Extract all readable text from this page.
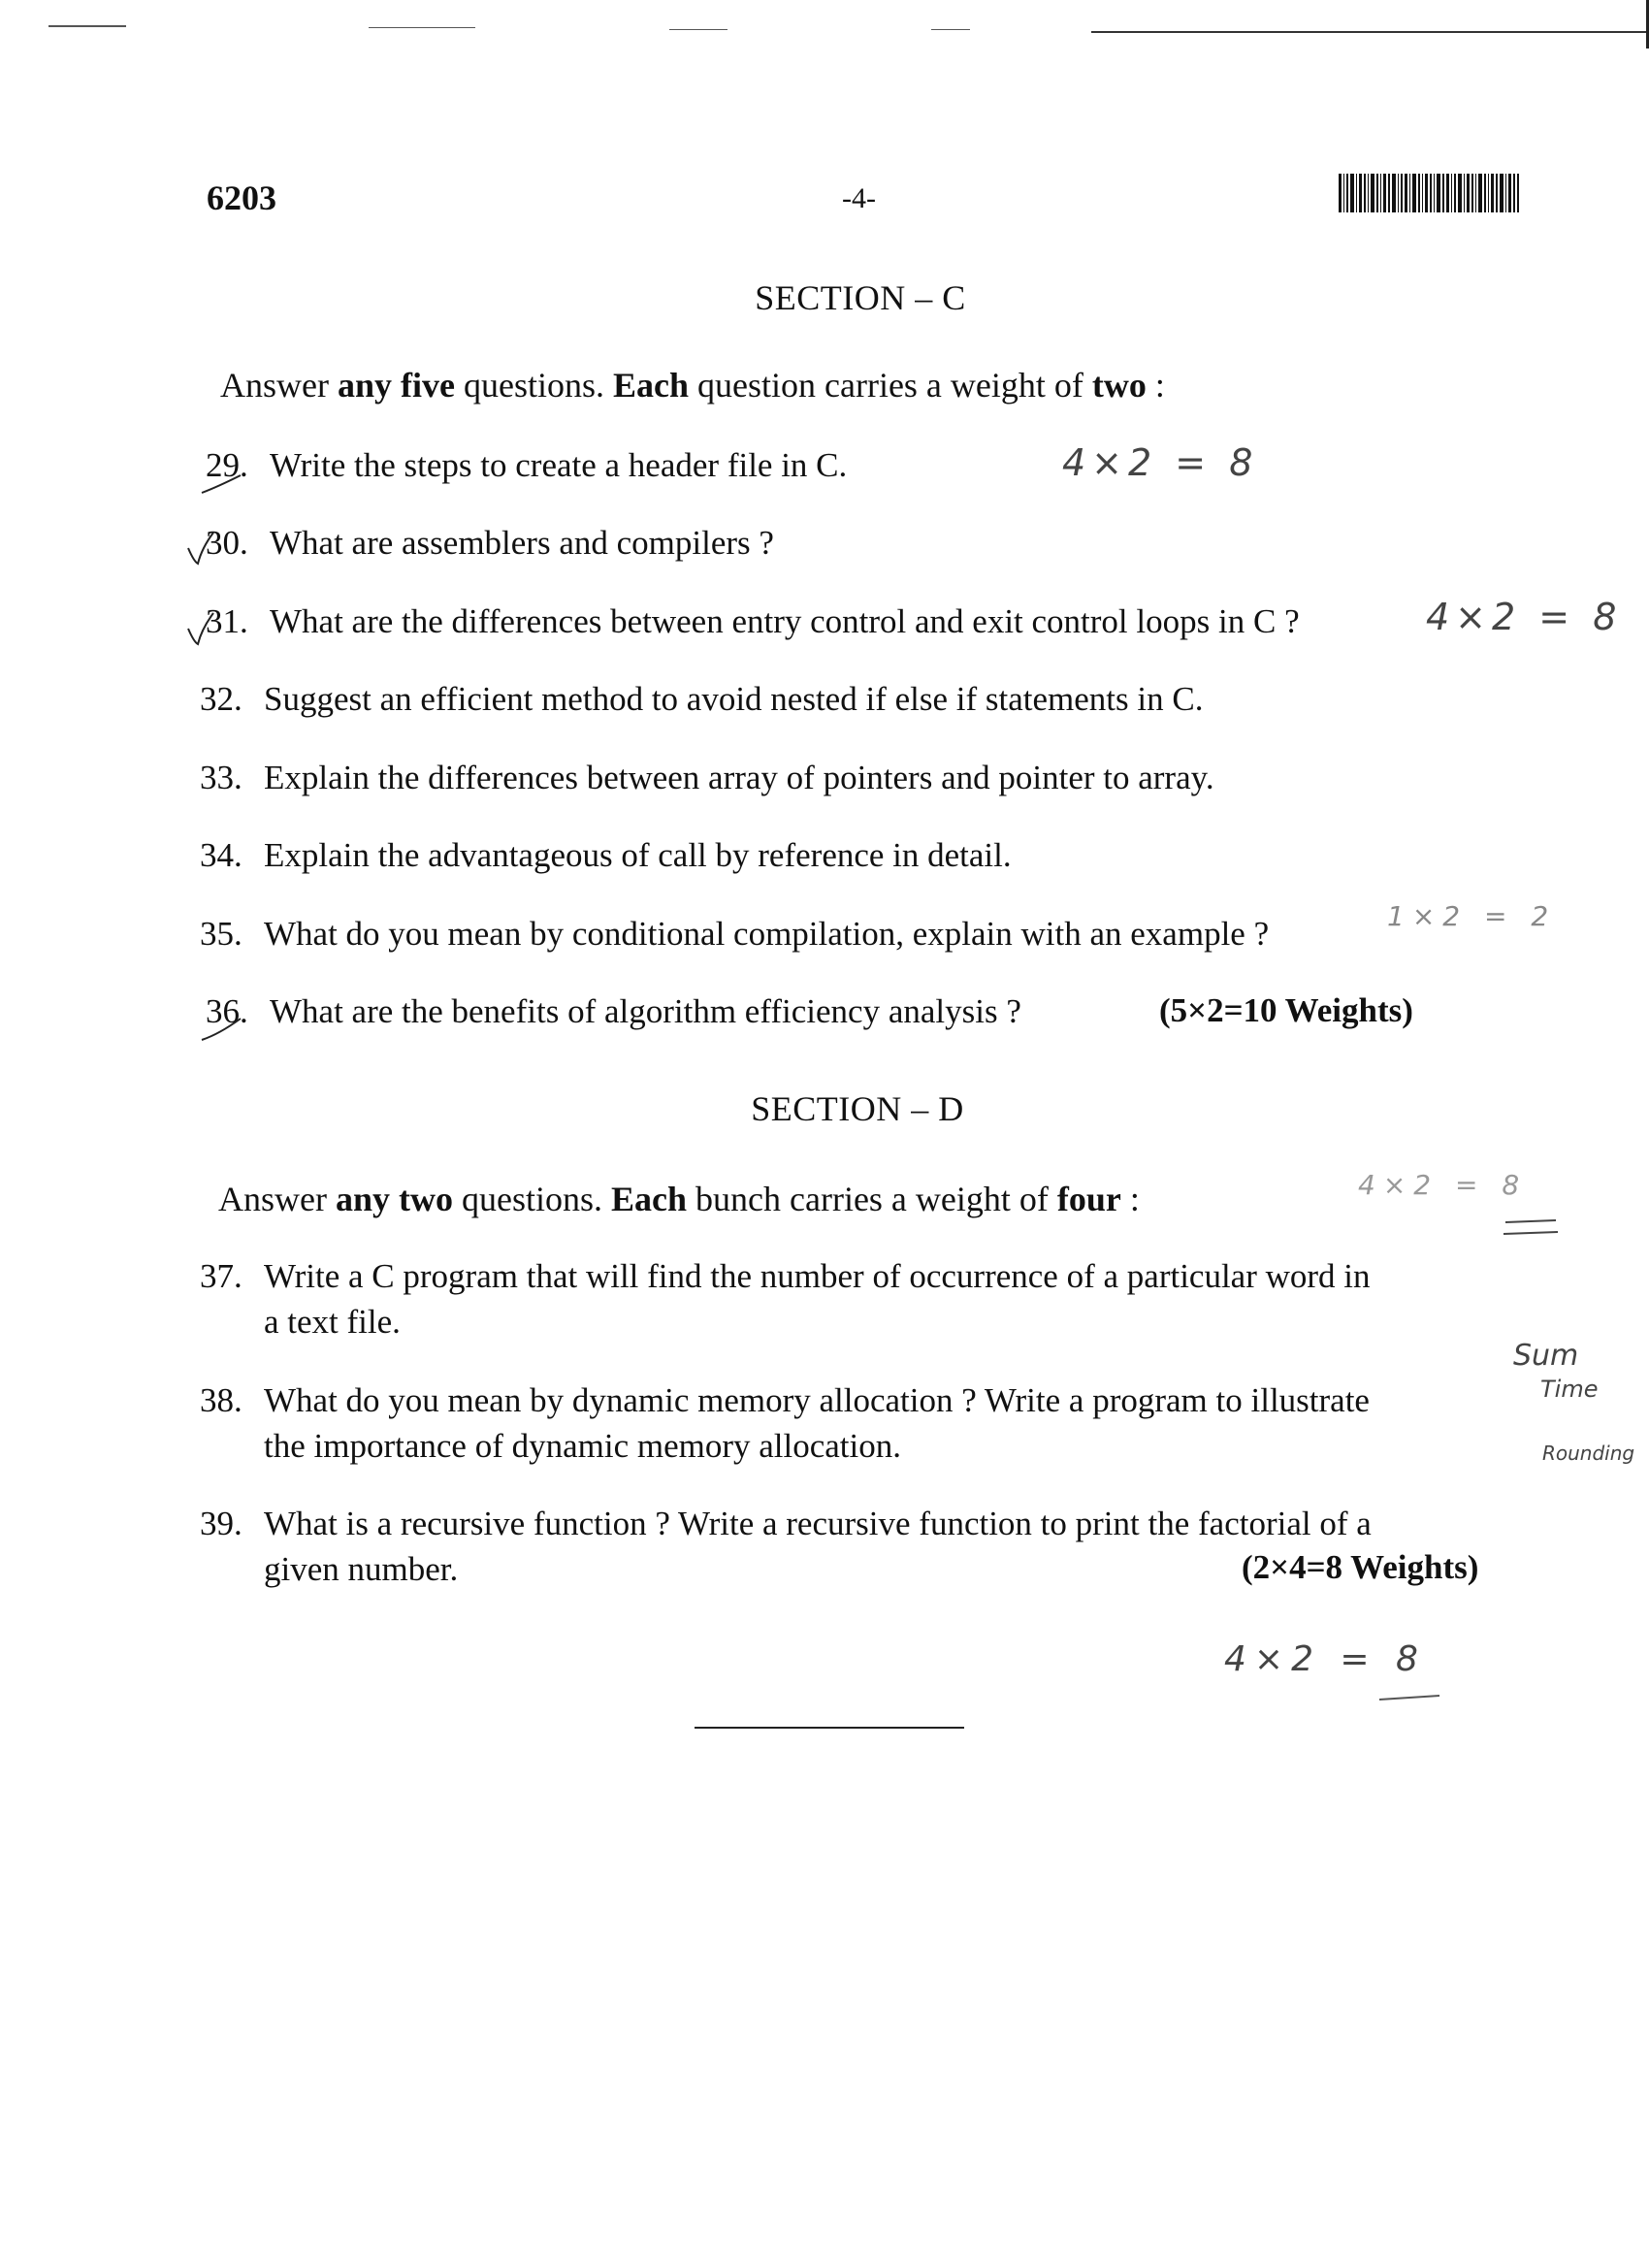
6203	-4-
SECTION – C
Answer any five questions. Each question carries a weight of two :
29. Write the steps to create a header file in C.
30. What are assemblers and compilers ?
31. What are the differences between entry control and exit control loops in C ?
32. Suggest an efficient method to avoid nested if else if statements in C.
33. Explain the differences between array of pointers and pointer to array.
34. Explain the advantageous of call by reference in detail.
35. What do you mean by conditional compilation, explain with an example ?
36. What are the benefits of algorithm efficiency analysis ?	(5×2=10 Weights)
SECTION – D
Answer any two questions. Each bunch carries a weight of four :
37. Write a C program that will find the number of occurrence of a particular word in
a text file.
38. What do you mean by dynamic memory allocation ? Write a program to illustrate
the importance of dynamic memory allocation.
39. What is a recursive function ? Write a recursive function to print the factorial of a
given number.	(2×4=8 Weights)
4×2 = 8
4×2 = 8
1×2 = 2
4×2 = 8
4×2 = 8
Sum
Time
Rounding
